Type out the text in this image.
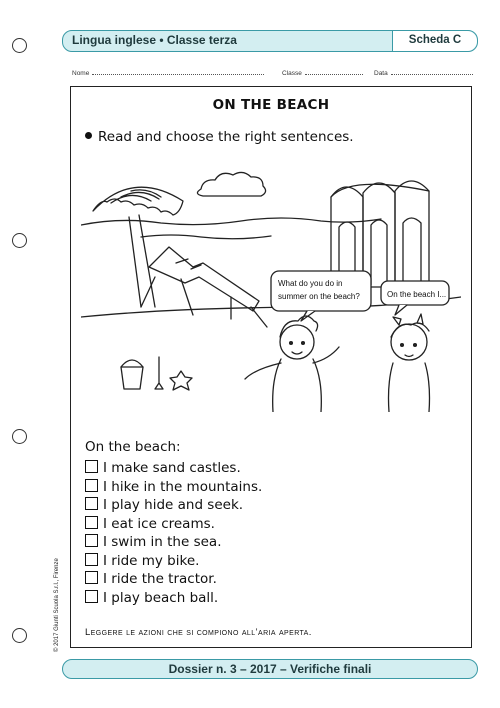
Lingua inglese • Classe terza	Scheda C
Nome	Classe	Data
ON THE BEACH
Read and choose the right sentences.
What do you do in
summer on the beach?	On the beach I...
On the beach:
I make sand castles.
I hike in the mountains.
I play hide and seek.
I eat ice creams.
I swim in the sea.
I ride my bike.
I ride the tractor.
I play beach ball.
Leggere le azioni che si compiono all’aria aperta.
© 2017 Giunti Scuola S.r.l., Firenze
Dossier n. 3 – 2017 – Verifiche finali
